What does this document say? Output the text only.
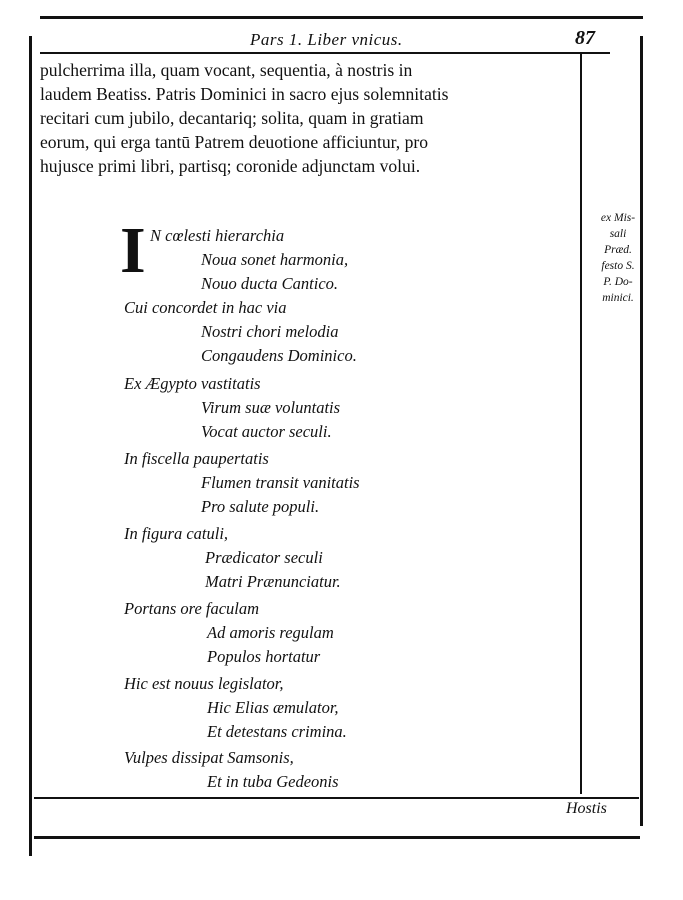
Pars 1. Liber vnicus.	87
pulcherrima illa, quam vocant, sequentia, à nostris in
laudem Beatiss. Patris Dominici in sacro ejus solemnitatis
recitari cum jubilo, decantariq; solita, quam in gratiam
eorum, qui erga tantū Patrem deuotione afficiuntur, pro
hujusce primi libri, partisq; coronide adjunctam volui.
ex Mis-
sali
Præd.
festo S.
P. Do-
minici.
I N cœlesti hierarchia
Noua sonet harmonia,
Nouo ducta Cantico.
Cui concordet in hac via
Nostri chori melodia
Congaudens Dominico.
Ex Ægypto vastitatis
Virum suæ voluntatis
Vocat auctor seculi.
In fiscella paupertatis
Flumen transit vanitatis
Pro salute populi.
In figura catuli,
Prædicator seculi
Matri Prænunciatur.
Portans ore faculam
Ad amoris regulam
Populos hortatur
Hic est nouus legislator,
Hic Elias æmulator,
Et detestans crimina.
Vulpes dissipat Samsonis,
Et in tuba Gedeonis
Hostis
